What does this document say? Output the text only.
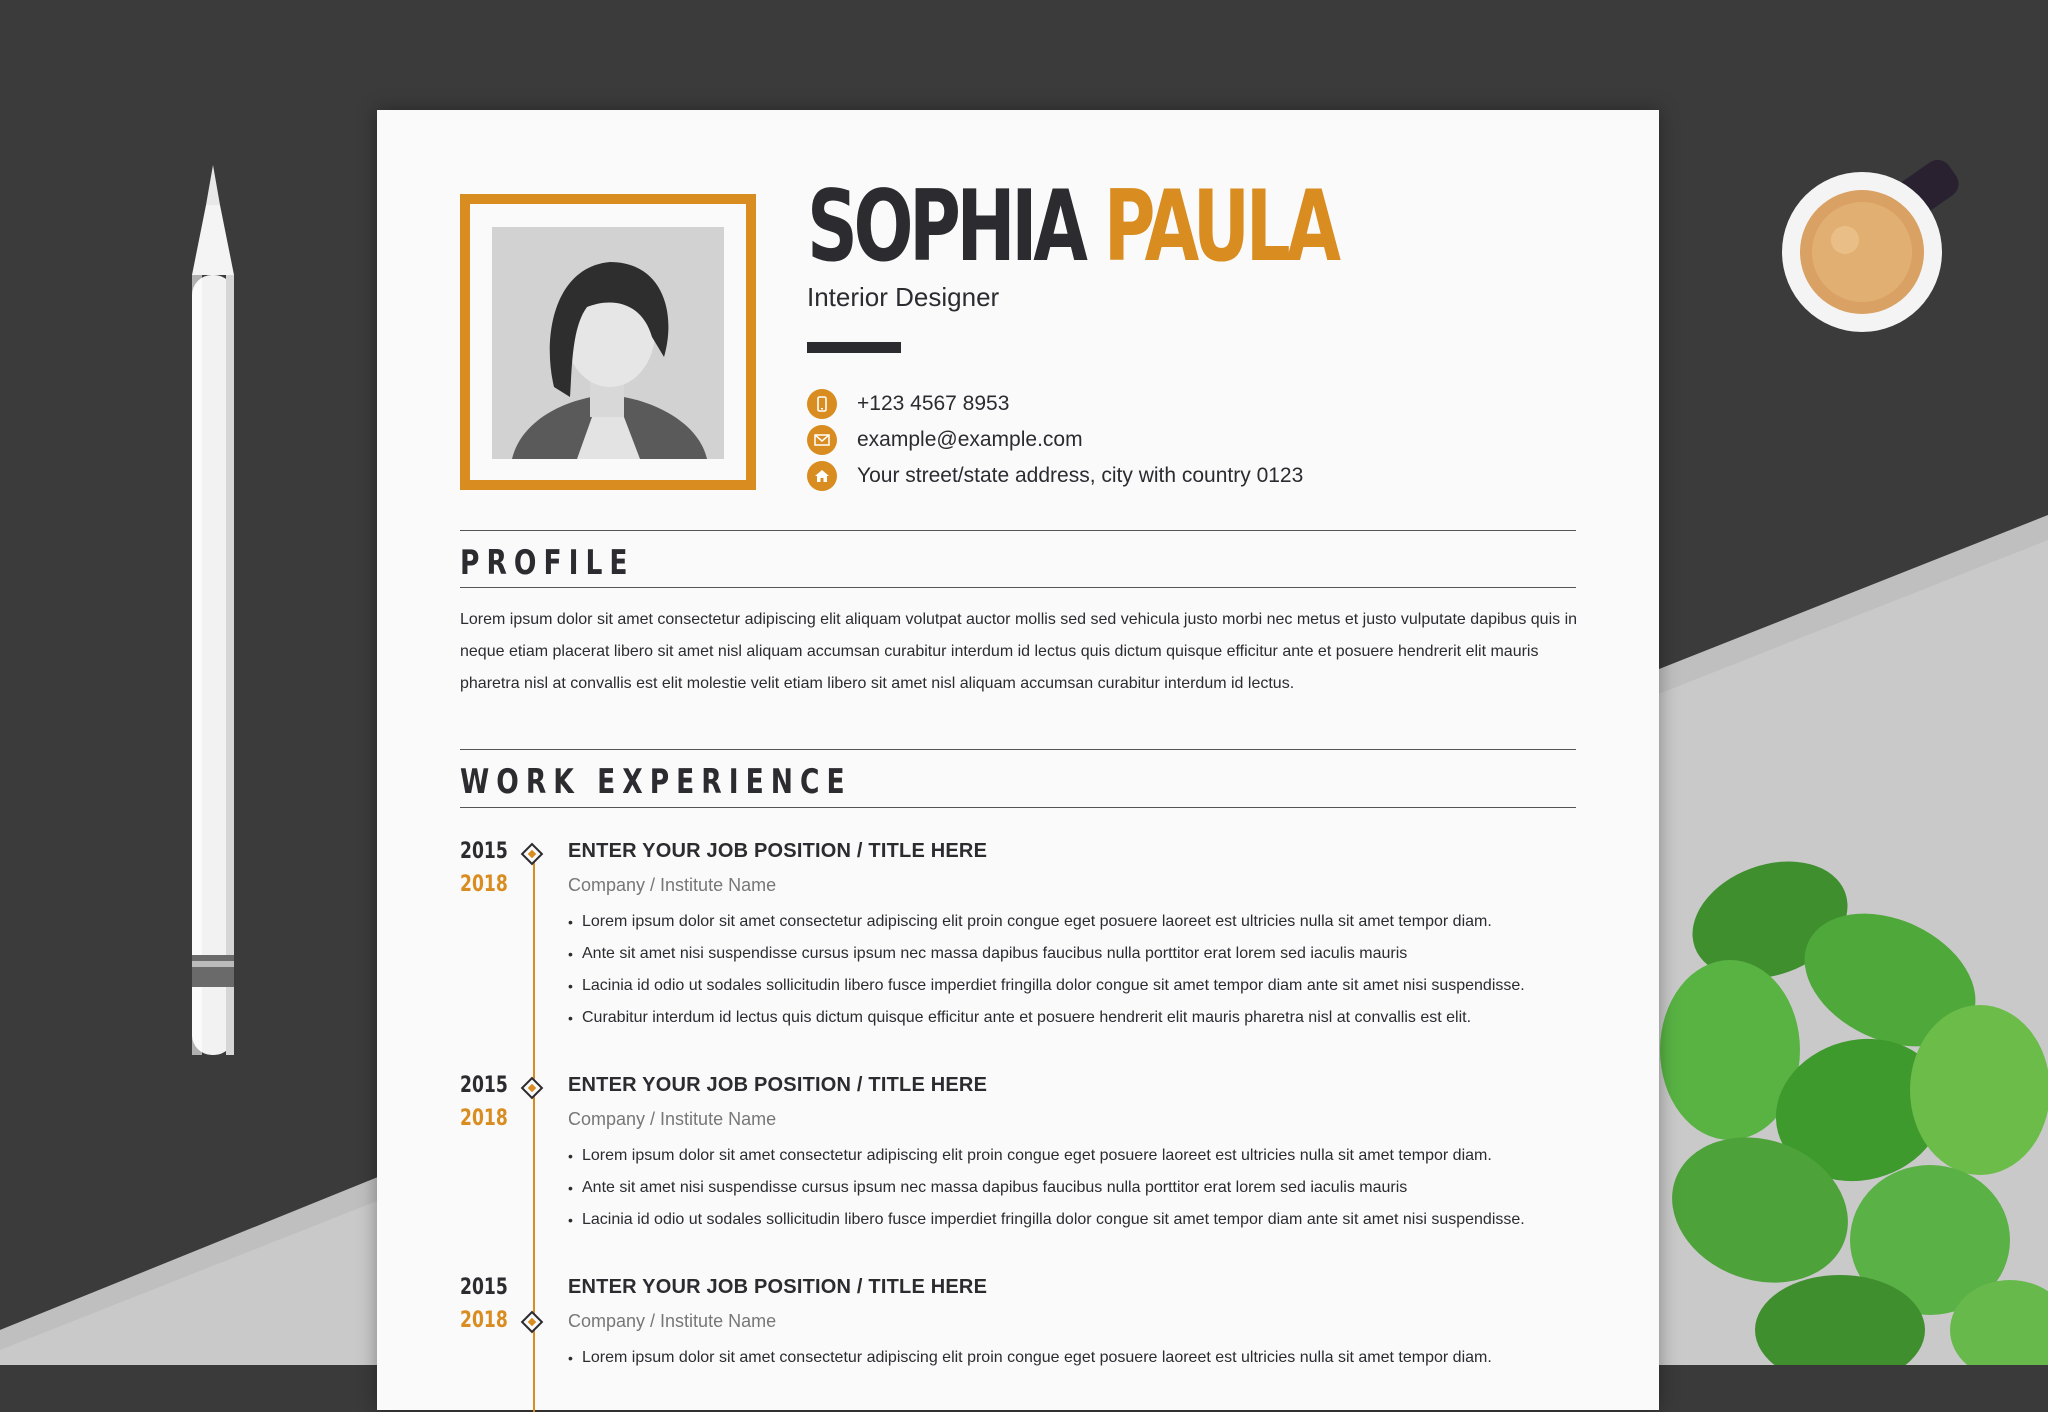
SOPHIA PAULA
Interior Designer
+123 4567 8953
example@example.com
Your street/state address, city with country 0123
PROFILE

Lorem ipsum dolor sit amet consectetur adipiscing elit aliquam volutpat auctor mollis sed sed vehicula justo morbi nec metus et justo vulputate dapibus quis in neque etiam placerat libero sit amet nisl aliquam accumsan curabitur interdum id lectus quis dictum quisque efficitur ante et posuere hendrerit elit mauris pharetra nisl at convallis est elit molestie velit etiam libero sit amet nisl aliquam accumsan curabitur interdum id lectus.

WORK EXPERIENCE
2015
2018
ENTER YOUR JOB POSITION / TITLE HERE
Company / Institute Name
• Lorem ipsum dolor sit amet consectetur adipiscing elit proin congue eget posuere laoreet est ultricies nulla sit amet tempor diam.
• Ante sit amet nisi suspendisse cursus ipsum nec massa dapibus faucibus nulla porttitor erat lorem sed iaculis mauris
• Lacinia id odio ut sodales sollicitudin libero fusce imperdiet fringilla dolor congue sit amet tempor diam ante sit amet nisi suspendisse.
• Curabitur interdum id lectus quis dictum quisque efficitur ante et posuere hendrerit elit mauris pharetra nisl at convallis est elit.
2015
2018
ENTER YOUR JOB POSITION / TITLE HERE
Company / Institute Name
• Lorem ipsum dolor sit amet consectetur adipiscing elit proin congue eget posuere laoreet est ultricies nulla sit amet tempor diam.
• Ante sit amet nisi suspendisse cursus ipsum nec massa dapibus faucibus nulla porttitor erat lorem sed iaculis mauris
• Lacinia id odio ut sodales sollicitudin libero fusce imperdiet fringilla dolor congue sit amet tempor diam ante sit amet nisi suspendisse.
2015
2018
ENTER YOUR JOB POSITION / TITLE HERE
Company / Institute Name
• Lorem ipsum dolor sit amet consectetur adipiscing elit proin congue eget posuere laoreet est ultricies nulla sit amet tempor diam.
